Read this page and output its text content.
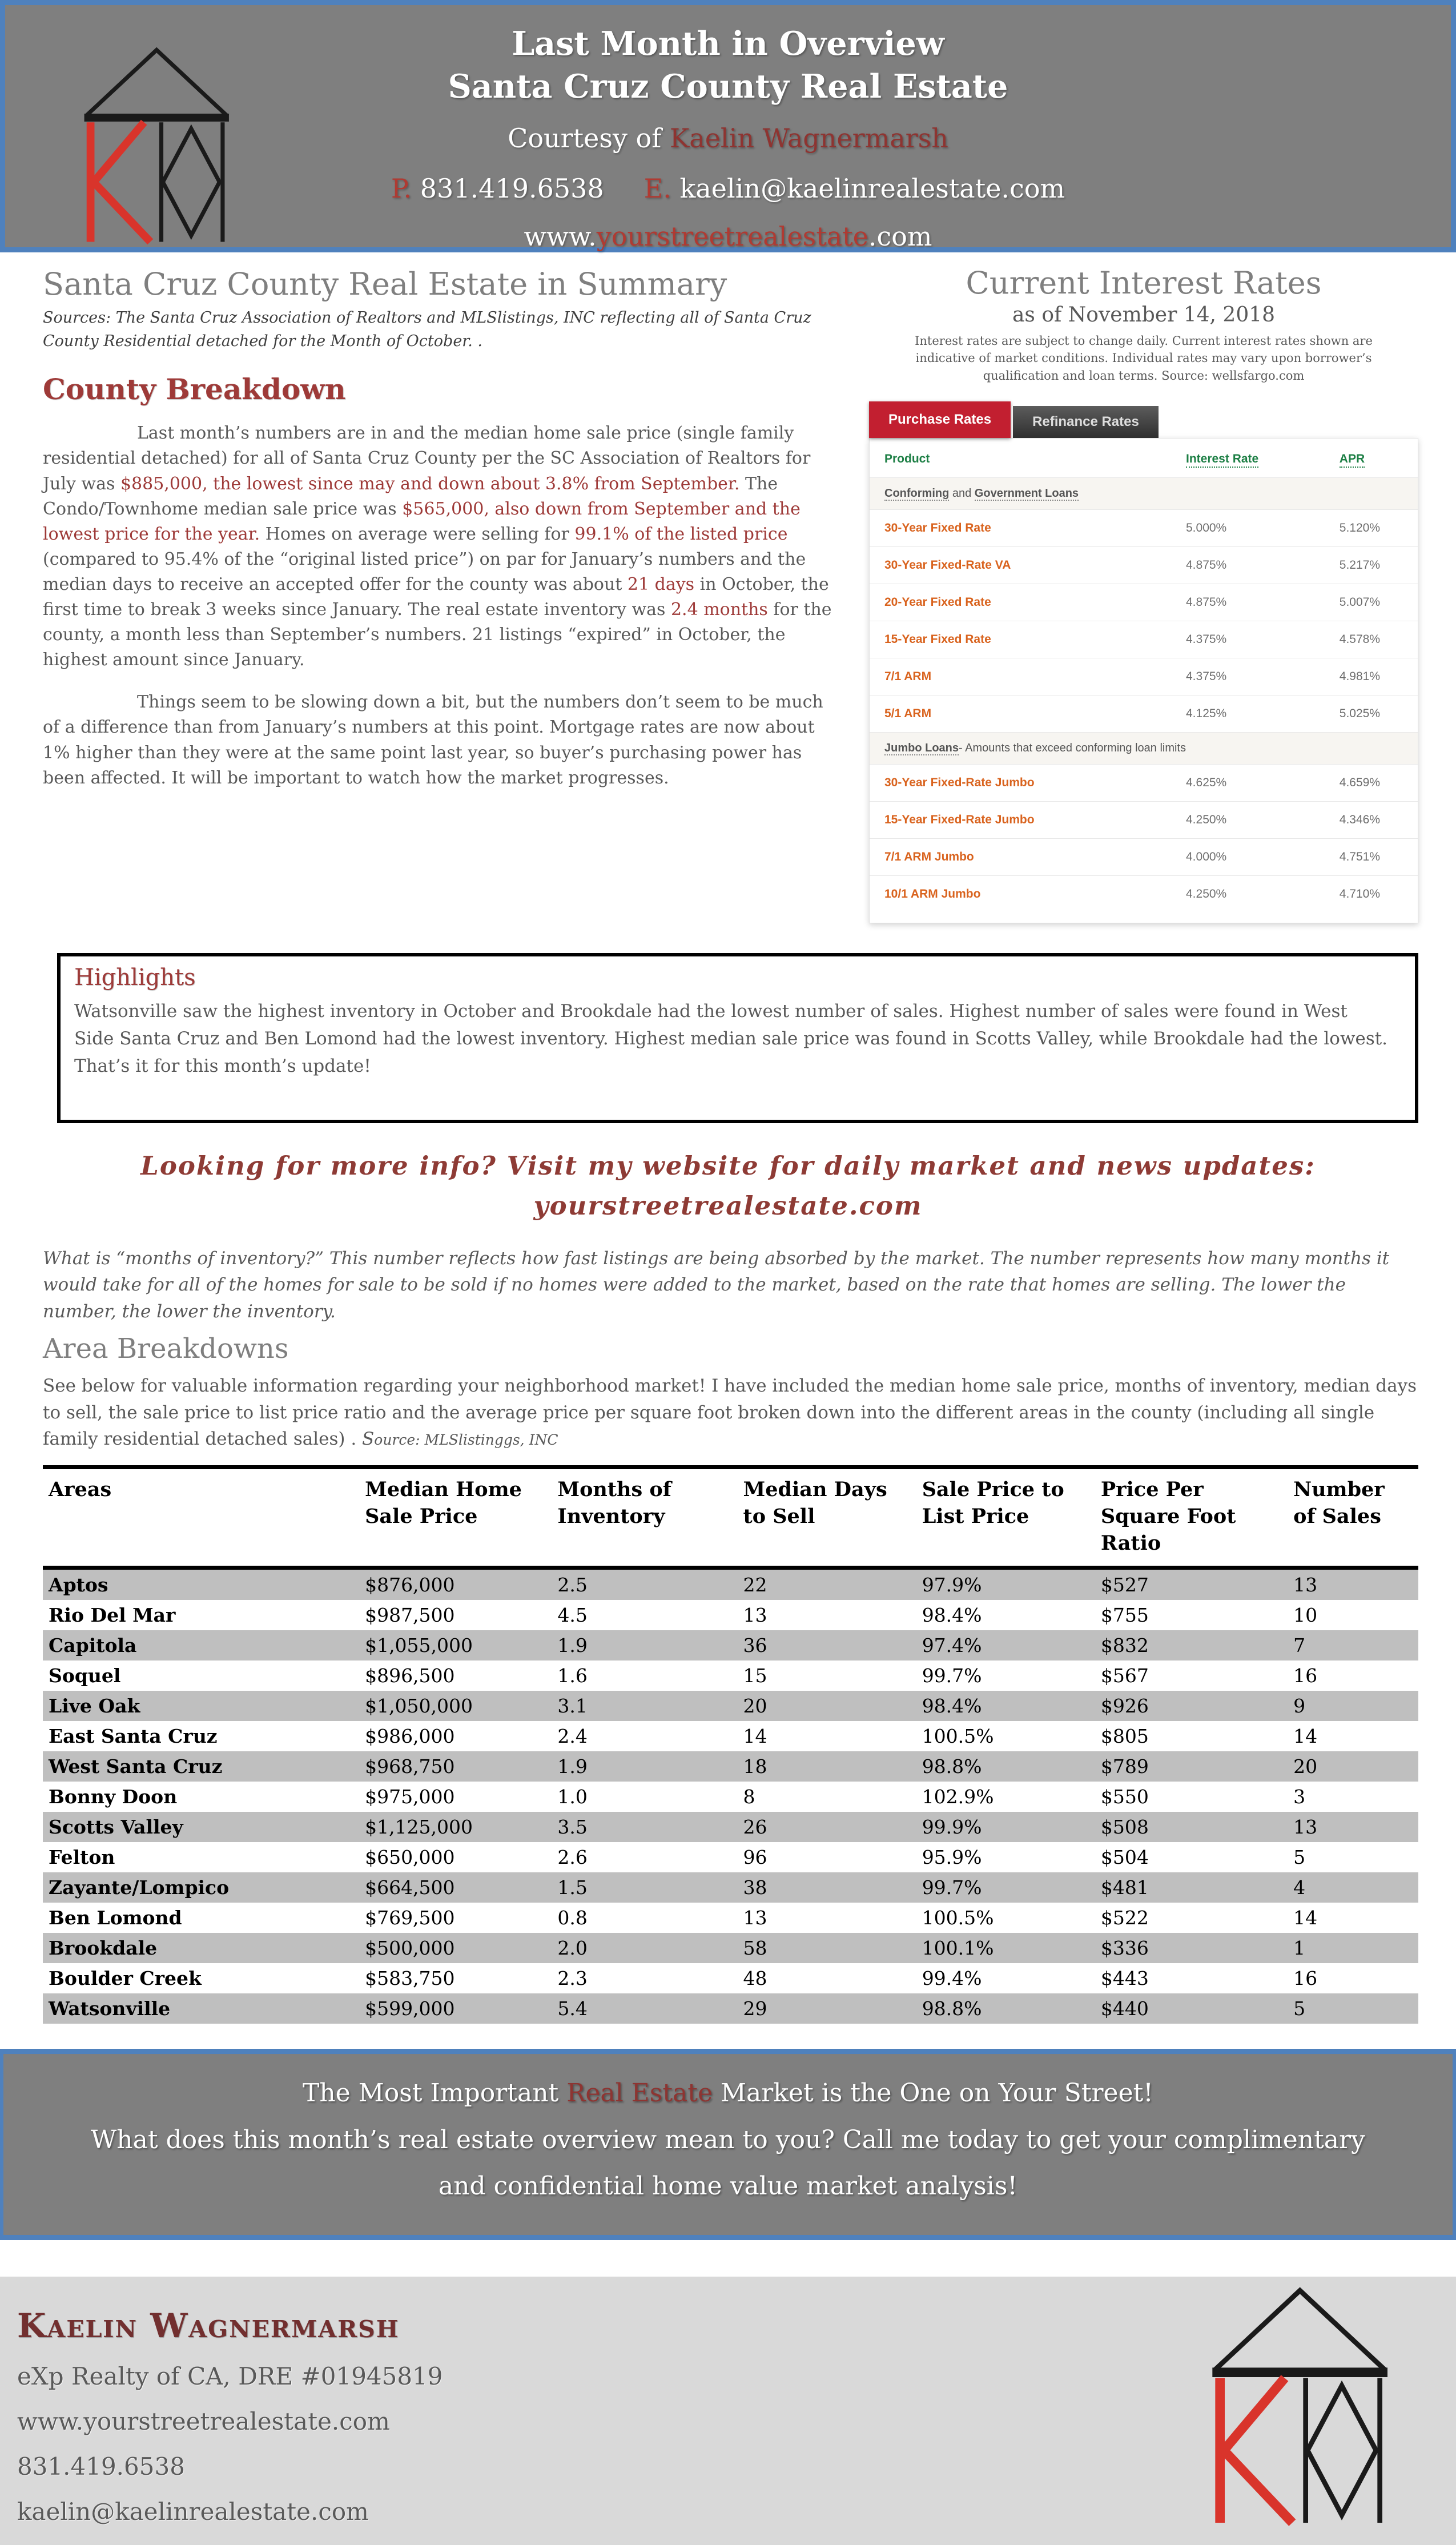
Last Month in Overview
Santa Cruz County Real Estate
Courtesy of Kaelin Wagnermarsh
P. 831.419.6538 E. kaelin@kaelinrealestate.com
www.yourstreetrealestate.com
Santa Cruz County Real Estate in Summary
Sources: The Santa Cruz Association of Realtors and MLSlistings, INC reflecting all of Santa Cruz County Residential detached for the Month of October. .
County Breakdown

Last month’s numbers are in and the median home sale price (single family residential detached) for all of Santa Cruz County per the SC Association of Realtors for July was $885,000, the lowest since may and down about 3.8% from September. The Condo/Townhome median sale price was $565,000, also down from September and the lowest price for the year. Homes on average were selling for 99.1% of the listed price (compared to 95.4% of the “original listed price”) on par for January’s numbers and the median days to receive an accepted offer for the county was about 21 days in October, the first time to break 3 weeks since January. The real estate inventory was 2.4 months for the county, a month less than September’s numbers. 21 listings “expired” in October, the highest amount since January.

Things seem to be slowing down a bit, but the numbers don’t seem to be much of a difference than from January’s numbers at this point. Mortgage rates are now about 1% higher than they were at the same point last year, so buyer’s purchasing power has been affected. It will be important to watch how the market progresses.

Current Interest Rates
as of November 14, 2018
Interest rates are subject to change daily. Current interest rates shown are indicative of market conditions. Individual rates may vary upon borrower’s qualification and loan terms. Source: wellsfargo.com
Purchase Rates	Refinance Rates
Product	Interest Rate	APR
Conforming and Government Loans		
30-Year Fixed Rate	5.000%	5.120%
30-Year Fixed-Rate VA	4.875%	5.217%
20-Year Fixed Rate	4.875%	5.007%
15-Year Fixed Rate	4.375%	4.578%
7/1 ARM	4.375%	4.981%
5/1 ARM	4.125%	5.025%
Jumbo Loans- Amounts that exceed conforming loan limits		
30-Year Fixed-Rate Jumbo	4.625%	4.659%
15-Year Fixed-Rate Jumbo	4.250%	4.346%
7/1 ARM Jumbo	4.000%	4.751%
10/1 ARM Jumbo	4.250%	4.710%
Highlights
Watsonville saw the highest inventory in October and Brookdale had the lowest number of sales. Highest number of sales were found in West Side Santa Cruz and Ben Lomond had the lowest inventory. Highest median sale price was found in Scotts Valley, while Brookdale had the lowest. That’s it for this month’s update!
Looking for more info? Visit my website for daily market and news updates:
yourstreetrealestate.com
What is “months of inventory?” This number reflects how fast listings are being absorbed by the market. The number represents how many months it would take for all of the homes for sale to be sold if no homes were added to the market, based on the rate that homes are selling. The lower the number, the lower the inventory.
Area Breakdowns
See below for valuable information regarding your neighborhood market! I have included the median home sale price, months of inventory, median days to sell, the sale price to list price ratio and the average price per square foot broken down into the different areas in the county (including all single family residential detached sales) . Source: MLSlistinggs, INC
Areas	Median Home Sale Price	Months of Inventory	Median Days to Sell	Sale Price to List Price	Price Per Square Foot Ratio	Number of Sales
Aptos	$876,000	2.5	22	97.9%	$527	13
Rio Del Mar	$987,500	4.5	13	98.4%	$755	10
Capitola	$1,055,000	1.9	36	97.4%	$832	7
Soquel	$896,500	1.6	15	99.7%	$567	16
Live Oak	$1,050,000	3.1	20	98.4%	$926	9
East Santa Cruz	$986,000	2.4	14	100.5%	$805	14
West Santa Cruz	$968,750	1.9	18	98.8%	$789	20
Bonny Doon	$975,000	1.0	8	102.9%	$550	3
Scotts Valley	$1,125,000	3.5	26	99.9%	$508	13
Felton	$650,000	2.6	96	95.9%	$504	5
Zayante/Lompico	$664,500	1.5	38	99.7%	$481	4
Ben Lomond	$769,500	0.8	13	100.5%	$522	14
Brookdale	$500,000	2.0	58	100.1%	$336	1
Boulder Creek	$583,750	2.3	48	99.4%	$443	16
Watsonville	$599,000	5.4	29	98.8%	$440	5
The Most Important Real Estate Market is the One on Your Street!
What does this month’s real estate overview mean to you? Call me today to get your complimentary and confidential home value market analysis!
Kaelin Wagnermarsh
eXp Realty of CA, DRE #01945819
www.yourstreetrealestate.com
831.419.6538
kaelin@kaelinrealestate.com
